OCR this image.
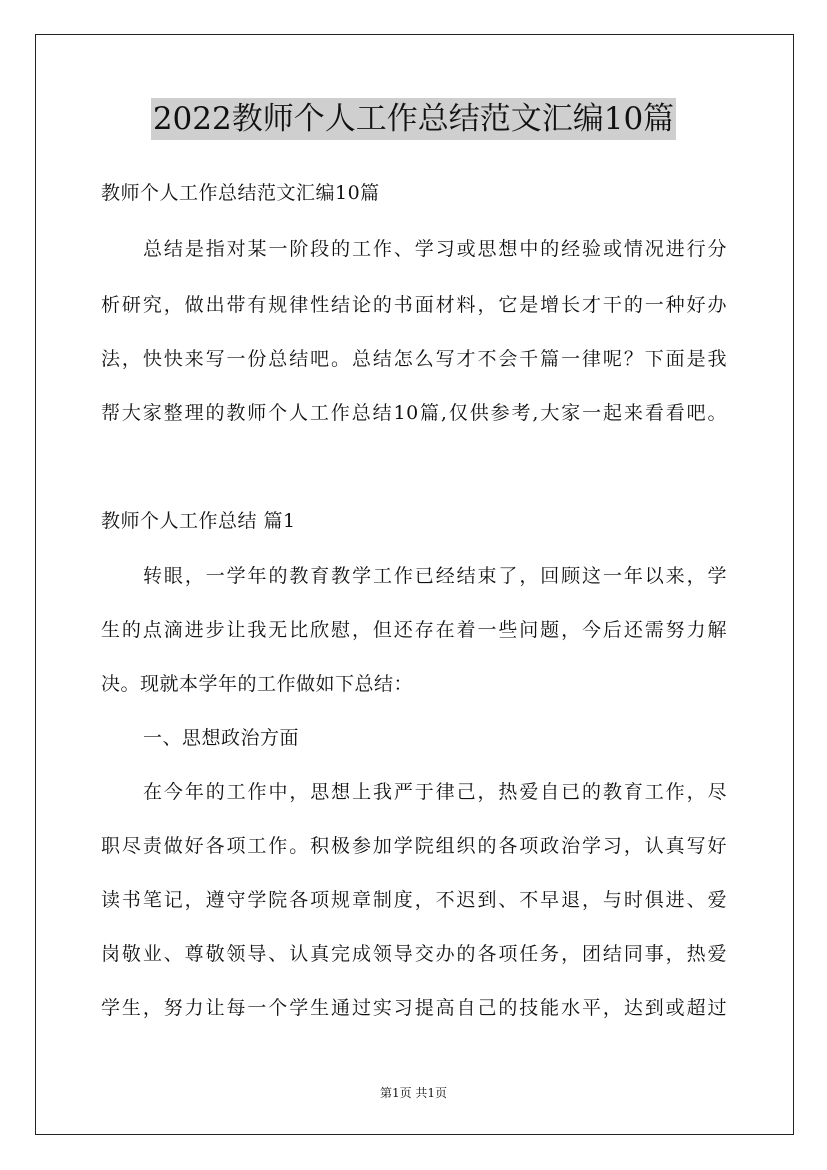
2022教师个人工作总结范文汇编10篇
教师个人工作总结范文汇编10篇
总结是指对某一阶段的工作、学习或思想中的经验或情况进行分
析研究，做出带有规律性结论的书面材料，它是增长才干的一种好办
法，快快来写一份总结吧。总结怎么写才不会千篇一律呢？下面是我
帮大家整理的教师个人工作总结10篇,仅供参考,大家一起来看看吧。
教师个人工作总结 篇1
转眼，一学年的教育教学工作已经结束了，回顾这一年以来，学
生的点滴进步让我无比欣慰，但还存在着一些问题，今后还需努力解
决。现就本学年的工作做如下总结：
一、思想政治方面
在今年的工作中，思想上我严于律己，热爱自已的教育工作，尽
职尽责做好各项工作。积极参加学院组织的各项政治学习，认真写好
读书笔记，遵守学院各项规章制度，不迟到、不早退，与时俱进、爱
岗敬业、尊敬领导、认真完成领导交办的各项任务，团结同事，热爱
学生，努力让每一个学生通过实习提高自己的技能水平，达到或超过
第1页 共1页
